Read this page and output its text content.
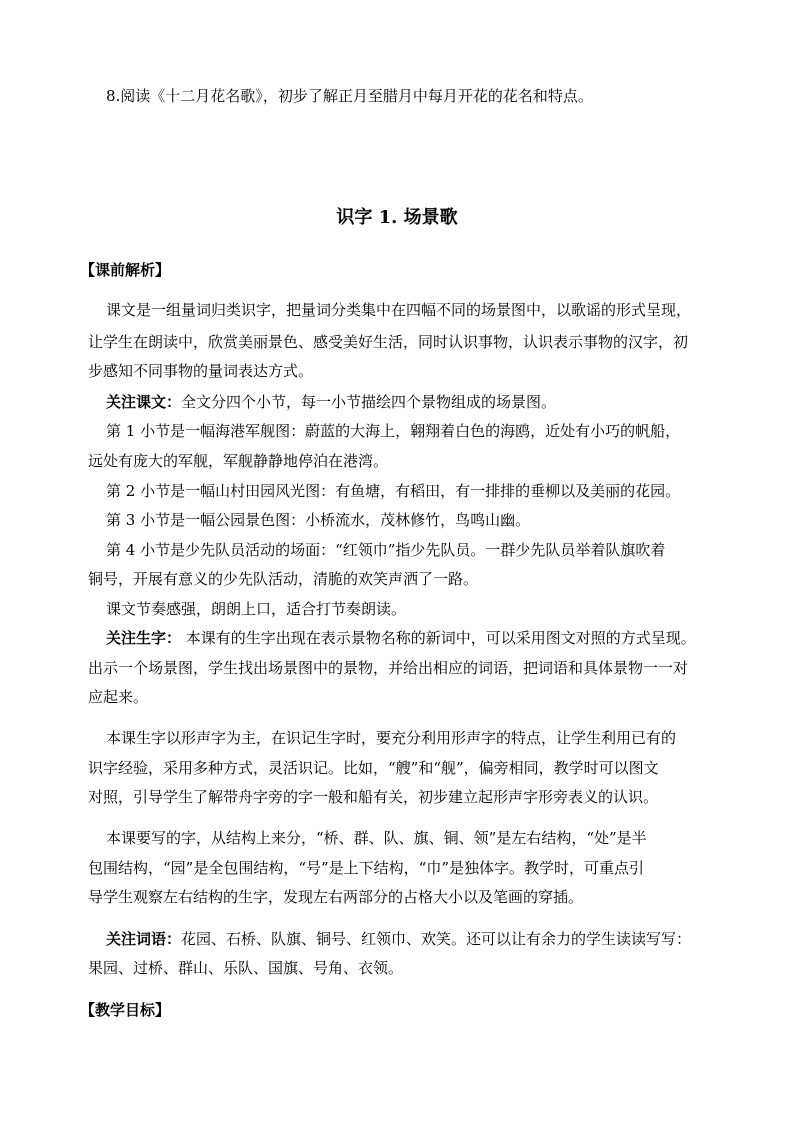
8.阅读《十二月花名歌》，初步了解正月至腊月中每月开花的花名和特点。
识字 1. 场景歌
【课前解析】
课文是一组量词归类识字，把量词分类集中在四幅不同的场景图中，以歌谣的形式呈现，
让学生在朗读中，欣赏美丽景色、感受美好生活，同时认识事物，认识表示事物的汉字，初
步感知不同事物的量词表达方式。
关注课文：全文分四个小节，每一小节描绘四个景物组成的场景图。
第 1 小节是一幅海港军舰图：蔚蓝的大海上，翱翔着白色的海鸥，近处有小巧的帆船，
远处有庞大的军舰，军舰静静地停泊在港湾。
第 2 小节是一幅山村田园风光图：有鱼塘，有稻田，有一排排的垂柳以及美丽的花园。
第 3 小节是一幅公园景色图：小桥流水，茂林修竹，鸟鸣山幽。
第 4 小节是少先队员活动的场面：“红领巾”指少先队员。一群少先队员举着队旗吹着
铜号，开展有意义的少先队活动，清脆的欢笑声洒了一路。
课文节奏感强，朗朗上口，适合打节奏朗读。
关注生字： 本课有的生字出现在表示景物名称的新词中，可以采用图文对照的方式呈现。
出示一个场景图，学生找出场景图中的景物，并给出相应的词语，把词语和具体景物一一对
应起来。
本课生字以形声字为主，在识记生字时，要充分利用形声字的特点，让学生利用已有的
识字经验，采用多种方式，灵活识记。比如，“艘”和“舰”，偏旁相同，教学时可以图文
对照，引导学生了解带舟字旁的字一般和船有关，初步建立起形声字形旁表义的认识。
本课要写的字，从结构上来分，“桥、群、队、旗、铜、领”是左右结构，“处”是半
包围结构，“园”是全包围结构，“号”是上下结构，“巾”是独体字。教学时，可重点引
导学生观察左右结构的生字，发现左右两部分的占格大小以及笔画的穿插。
关注词语：花园、石桥、队旗、铜号、红领巾、欢笑。还可以让有余力的学生读读写写：
果园、过桥、群山、乐队、国旗、号角、衣领。
【教学目标】
